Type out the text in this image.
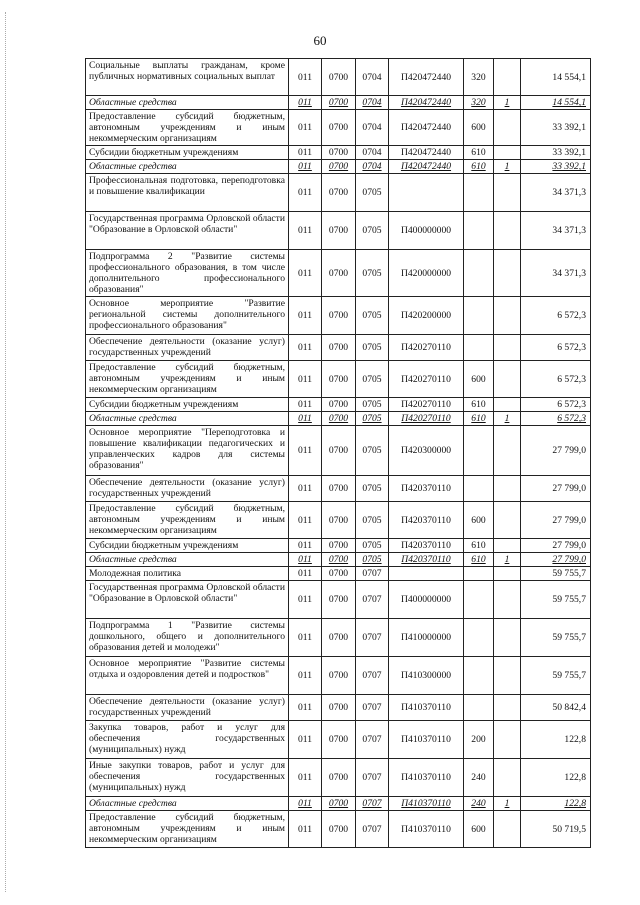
60
Социальные выплаты гражданам, кроме публичных нормативных социальных выплат	011	0700	0704	П420472440	320		14 554,1
Областные средства	011	0700	0704	П420472440	320	1	14 554,1
Предоставление субсидий бюджетным, автономным учреждениям и иным некоммерческим организациям	011	0700	0704	П420472440	600		33 392,1
Субсидии бюджетным учреждениям	011	0700	0704	П420472440	610		33 392,1
Областные средства	011	0700	0704	П420472440	610	1	33 392,1
Профессиональная подготовка, переподготовка и повышение квалификации	011	0700	0705				34 371,3
Государственная программа Орловской области "Образование в Орловской области"	011	0700	0705	П400000000			34 371,3
Подпрограмма 2 "Развитие системы профессионального образования, в том числе дополнительного профессионального образования"	011	0700	0705	П420000000			34 371,3
Основное мероприятие "Развитие региональной системы дополнительного профессионального образования"	011	0700	0705	П420200000			6 572,3
Обеспечение деятельности (оказание услуг) государственных учреждений	011	0700	0705	П420270110			6 572,3
Предоставление субсидий бюджетным, автономным учреждениям и иным некоммерческим организациям	011	0700	0705	П420270110	600		6 572,3
Субсидии бюджетным учреждениям	011	0700	0705	П420270110	610		6 572,3
Областные средства	011	0700	0705	П420270110	610	1	6 572,3
Основное мероприятие "Переподготовка и повышение квалификации педагогических и управленческих кадров для системы образования"	011	0700	0705	П420300000			27 799,0
Обеспечение деятельности (оказание услуг) государственных учреждений	011	0700	0705	П420370110			27 799,0
Предоставление субсидий бюджетным, автономным учреждениям и иным некоммерческим организациям	011	0700	0705	П420370110	600		27 799,0
Субсидии бюджетным учреждениям	011	0700	0705	П420370110	610		27 799,0
Областные средства	011	0700	0705	П420370110	610	1	27 799,0
Молодежная политика	011	0700	0707				59 755,7
Государственная программа Орловской области "Образование в Орловской области"	011	0700	0707	П400000000			59 755,7
Подпрограмма 1 "Развитие системы дошкольного, общего и дополнительного образования детей и молодежи"	011	0700	0707	П410000000			59 755,7
Основное мероприятие "Развитие системы отдыха и оздоровления детей и подростков"	011	0700	0707	П410300000			59 755,7
Обеспечение деятельности (оказание услуг) государственных учреждений	011	0700	0707	П410370110			50 842,4
Закупка товаров, работ и услуг для обеспечения государственных (муниципальных) нужд	011	0700	0707	П410370110	200		122,8
Иные закупки товаров, работ и услуг для обеспечения государственных (муниципальных) нужд	011	0700	0707	П410370110	240		122,8
Областные средства	011	0700	0707	П410370110	240	1	122,8
Предоставление субсидий бюджетным, автономным учреждениям и иным некоммерческим организациям	011	0700	0707	П410370110	600		50 719,5
